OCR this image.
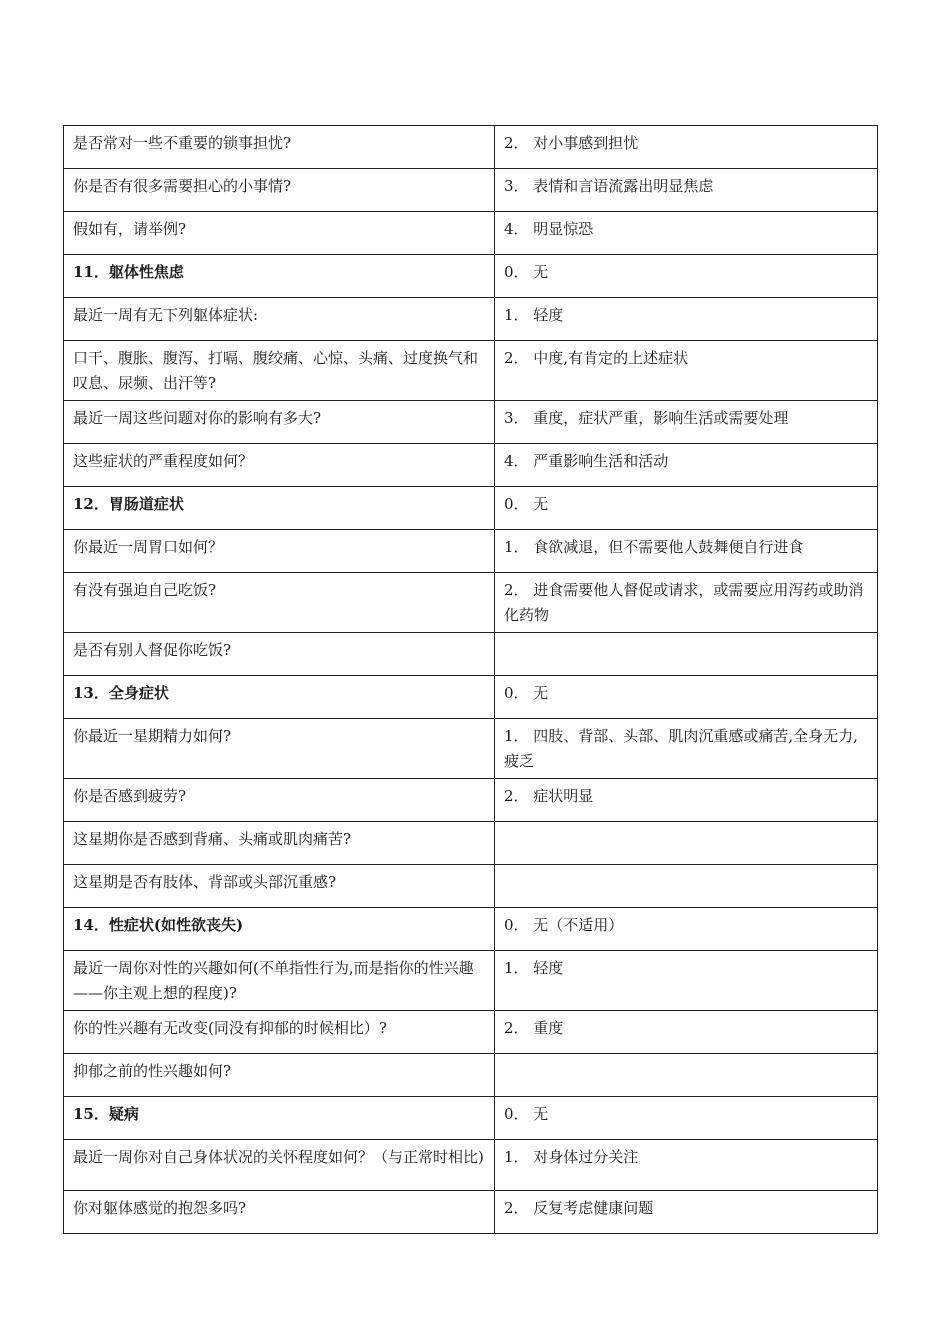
是否常对一些不重要的锁事担忧?	2． 对小事感到担忧
你是否有很多需要担心的小事情?	3． 表情和言语流露出明显焦虑
假如有，请举例?	4． 明显惊恐
11．躯体性焦虑	0． 无
最近一周有无下列躯体症状:	1． 轻度
口干、腹胀、腹泻、打嗝、腹绞痛、心惊、头痛、过度换气和叹息、尿频、出汗等?	2． 中度,有肯定的上述症状
最近一周这些问题对你的影响有多大?	3． 重度，症状严重，影响生活或需要处理
这些症状的严重程度如何？	4． 严重影响生活和活动
12．胃肠道症状	0． 无
你最近一周胃口如何？	1． 食欲减退，但不需要他人鼓舞便自行进食
有没有强迫自己吃饭?	2． 进食需要他人督促或请求，或需要应用泻药或助消化药物
是否有别人督促你吃饭?	
13．全身症状	0． 无
你最近一星期精力如何?	1． 四肢、背部、头部、肌肉沉重感或痛苦,全身无力,疲乏
你是否感到疲劳?	2． 症状明显
这星期你是否感到背痛、头痛或肌肉痛苦?	
这星期是否有肢体、背部或头部沉重感?	
14．性症状(如性欲丧失)	0． 无（不适用）
最近一周你对性的兴趣如何(不单指性行为,而是指你的性兴趣——你主观上想的程度)?	1． 轻度
你的性兴趣有无改变(同没有抑郁的时候相比）?	2． 重度
抑郁之前的性兴趣如何?	
15．疑病	0． 无
最近一周你对自己身体状况的关怀程度如何？（与正常时相比)	1． 对身体过分关注
你对躯体感觉的抱怨多吗?	2． 反复考虑健康问题
